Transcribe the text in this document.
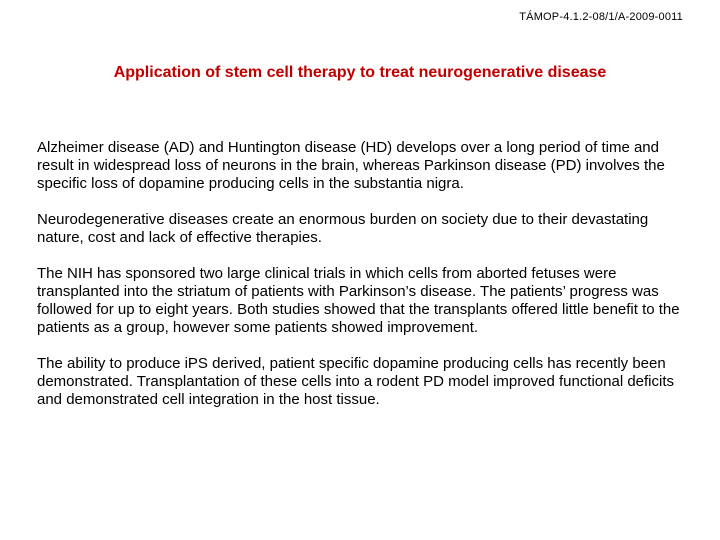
TÁMOP-4.1.2-08/1/A-2009-0011
Application of stem cell therapy to treat neurogenerative disease

Alzheimer disease (AD) and Huntington disease (HD) develops over a long period of time and result in widespread loss of neurons in the brain, whereas Parkinson disease (PD) involves the specific loss of dopamine producing cells in the substantia nigra.

Neurodegenerative diseases create an enormous burden on society due to their devastating nature, cost and lack of effective therapies.

The NIH has sponsored two large clinical trials in which cells from aborted fetuses were transplanted into the striatum of patients with Parkinson’s disease. The patients’ progress was followed for up to eight years. Both studies showed that the transplants offered little benefit to the patients as a group, however some patients showed improvement.

The ability to produce iPS derived, patient specific dopamine producing cells has recently been demonstrated. Transplantation of these cells into a rodent PD model improved functional deficits and demonstrated cell integration in the host tissue.
